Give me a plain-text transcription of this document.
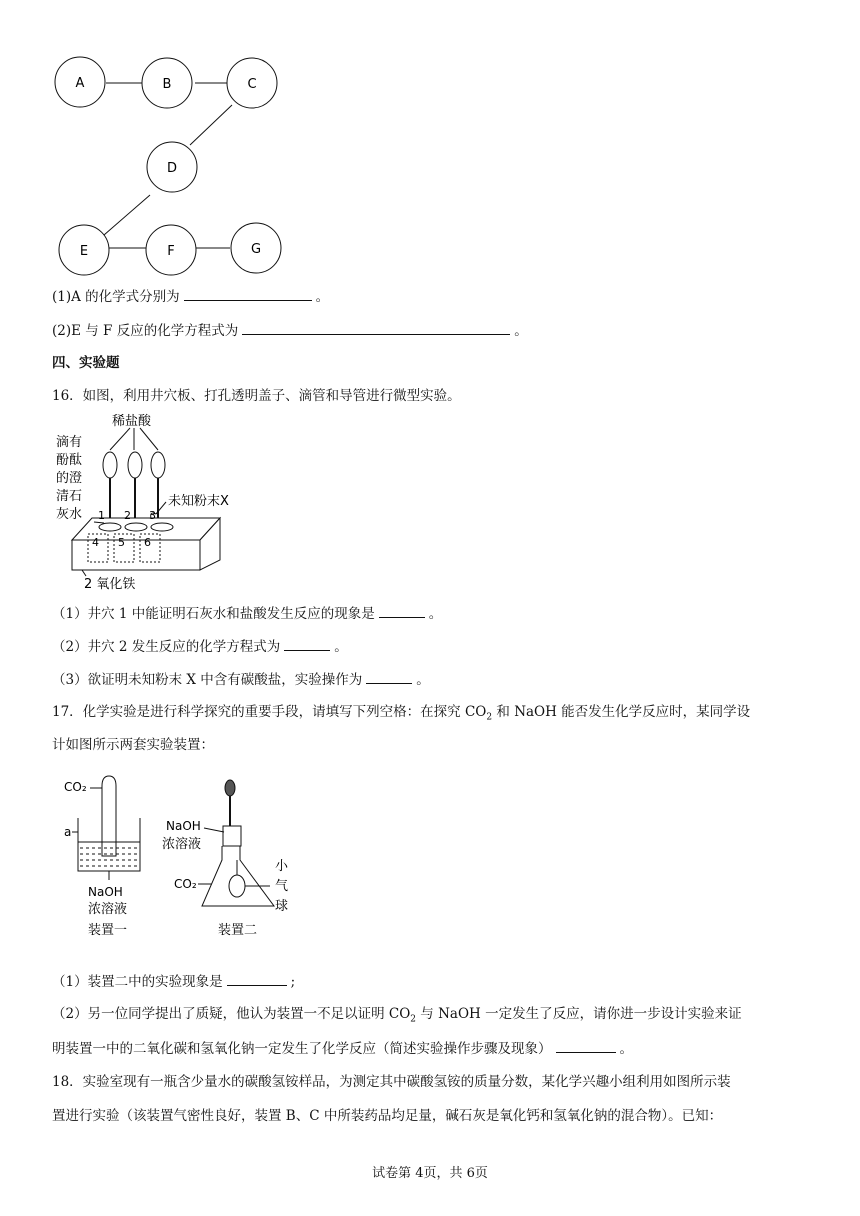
A	B	C
D
E	F	G
(1)A 的化学式分别为	。
(2)E 与 F 反应的化学方程式为	。
四、实验题
16．如图，利用井穴板、打孔透明盖子、滴管和导管进行微型实验。
稀盐酸
滴有
酚酞
的澄
清石
灰水
未知粉末X
1 2 3
4 5 6
2 氧化铁
（1）井穴 1 中能证明石灰水和盐酸发生反应的现象是	。
（2）井穴 2 发生反应的化学方程式为	。
（3）欲证明未知粉末 X 中含有碳酸盐，实验操作为	。
17．化学实验是进行科学探究的重要手段，请填写下列空格：在探究 $CO_2$ 和 NaOH 能否发生化学反应时，某同学设
计如图所示两套实验装置：
CO₂
a
NaOH
浓溶液
装置一
NaOH
浓溶液
CO₂
小
气
球
装置二
（1）装置二中的实验现象是	;
（2）另一位同学提出了质疑，他认为装置一不足以证明 $CO_2$ 与 NaOH 一定发生了反应，请你进一步设计实验来证
明装置一中的二氧化碳和氢氧化钠一定发生了化学反应（简述实验操作步骤及现象）	。
18．实验室现有一瓶含少量水的碳酸氢铵样品，为测定其中碳酸氢铵的质量分数，某化学兴趣小组利用如图所示装
置进行实验（该装置气密性良好，装置 B、C 中所装药品均足量，碱石灰是氧化钙和氢氧化钠的混合物）。已知：
试卷第 4页，共 6页
